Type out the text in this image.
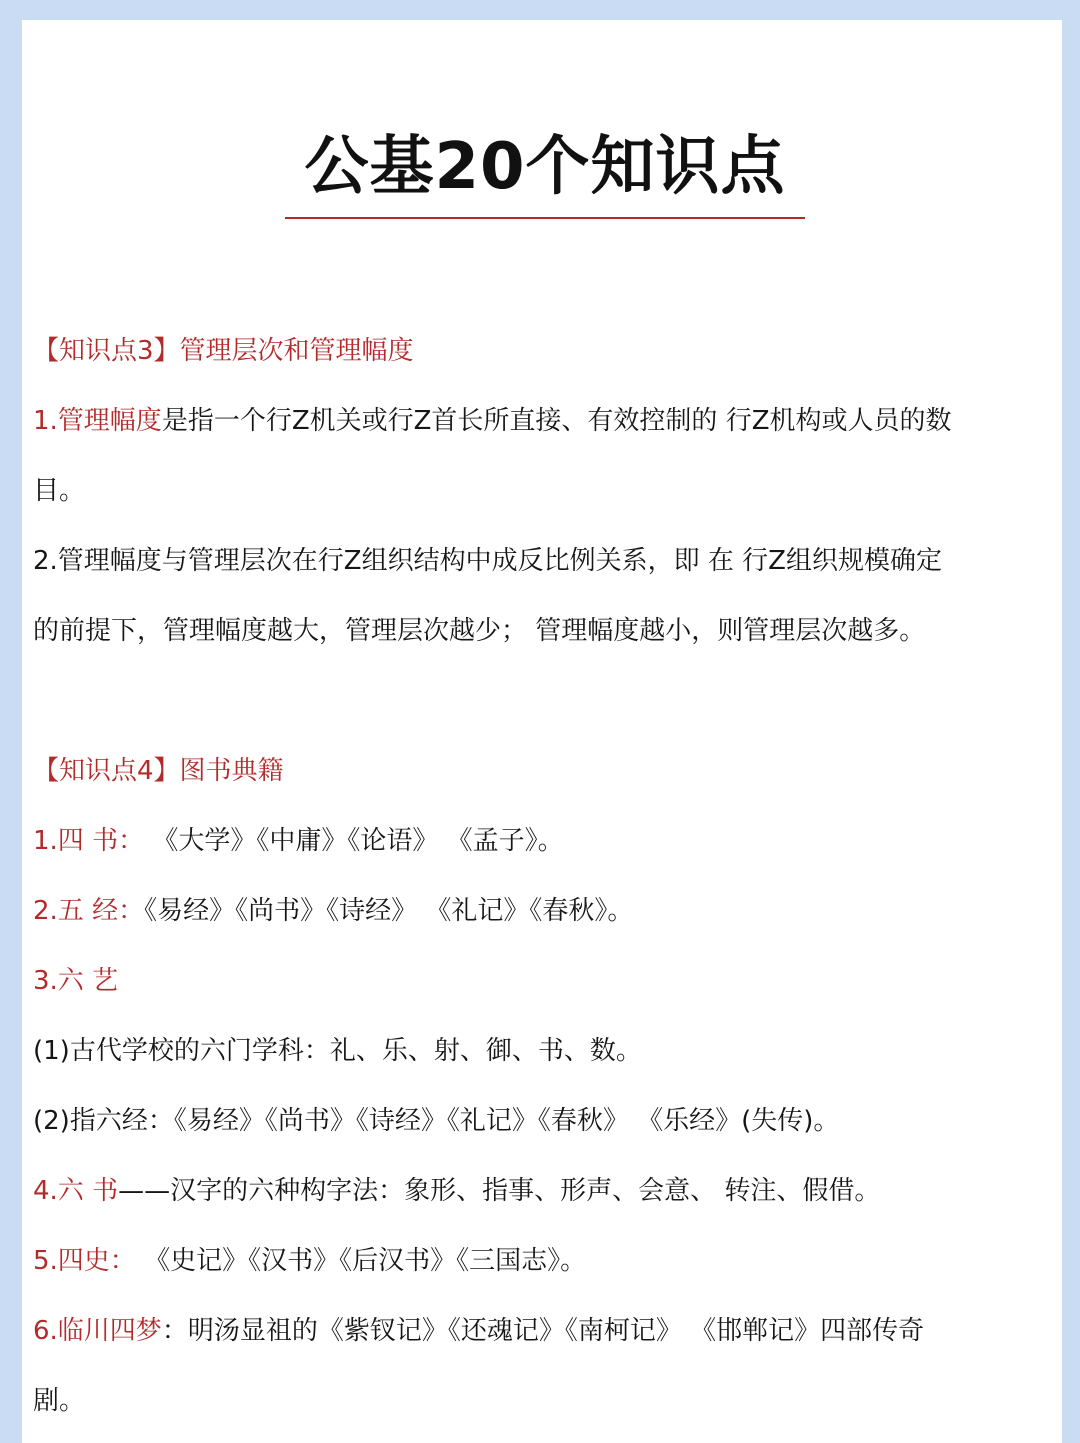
公基20个知识点
【知识点3】管理层次和管理幅度
1.管理幅度是指一个行Z机关或行Z首长所直接、有效控制的 行Z机构或人员的数
目。
2.管理幅度与管理层次在行Z组织结构中成反比例关系，即 在 行Z组织规模确定
的前提下，管理幅度越大，管理层次越少； 管理幅度越小，则管理层次越多。
【知识点4】图书典籍
1.四 书： 《大学》《中庸》《论语》 《孟子》。
2.五 经：《易经》《尚书》《诗经》 《礼记》《春秋》。
3.六 艺
(1)古代学校的六门学科：礼、乐、射、御、书、数。
(2)指六经：《易经》《尚书》《诗经》《礼记》《春秋》 《乐经》(失传)。
4.六 书——汉字的六种构字法：象形、指事、形声、会意、 转注、假借。
5.四史： 《史记》《汉书》《后汉书》《三国志》。
6.临川四梦：明汤显祖的《紫钗记》《还魂记》《南柯记》 《邯郸记》四部传奇
剧。
